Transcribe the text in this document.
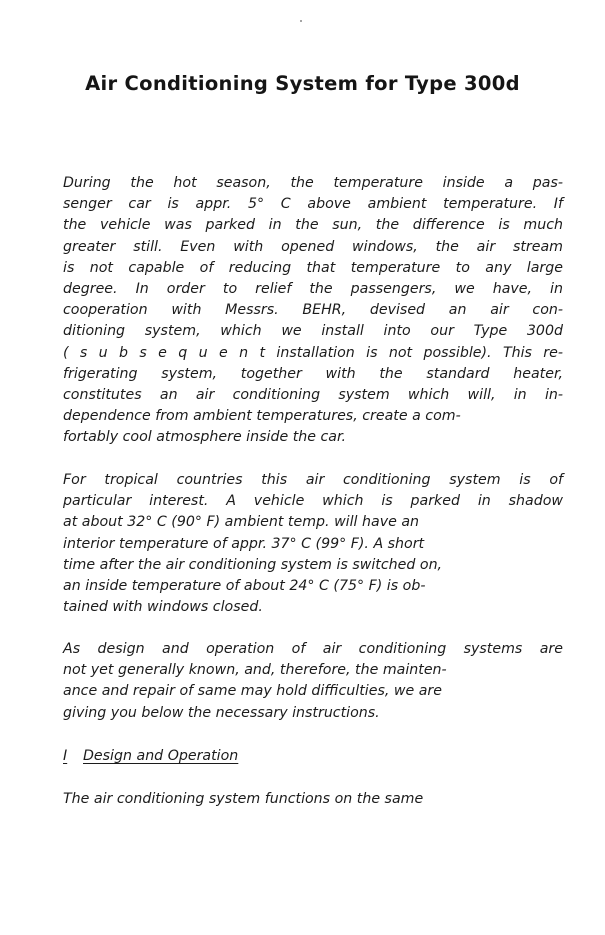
Air Conditioning System for Type 300d
During the hot season, the temperature inside a pas-
senger car is appr. 5° C above ambient temperature. If
the vehicle was parked in the sun, the difference is much
greater still. Even with opened windows, the air stream
is not capable of reducing that temperature to any large
degree. In order to relief the passengers, we have, in
cooperation with Messrs. BEHR, devised an air con-
ditioning system, which we install into our Type 300d
( s u b s e q u e n t installation is not possible). This re-
frigerating system, together with the standard heater,
constitutes an air conditioning system which will, in in-
dependence from ambient temperatures, create a com-
fortably cool atmosphere inside the car.
For tropical countries this air conditioning system is of
particular interest. A vehicle which is parked in shadow
at about 32° C (90° F) ambient temp. will have an
interior temperature of appr. 37° C (99° F). A short
time after the air conditioning system is switched on,
an inside temperature of about 24° C (75° F) is ob-
tained with windows closed.
As design and operation of air conditioning systems are
not yet generally known, and, therefore, the mainten-
ance and repair of same may hold difficulties, we are
giving you below the necessary instructions.
I Design and Operation
The air conditioning system functions on the same
